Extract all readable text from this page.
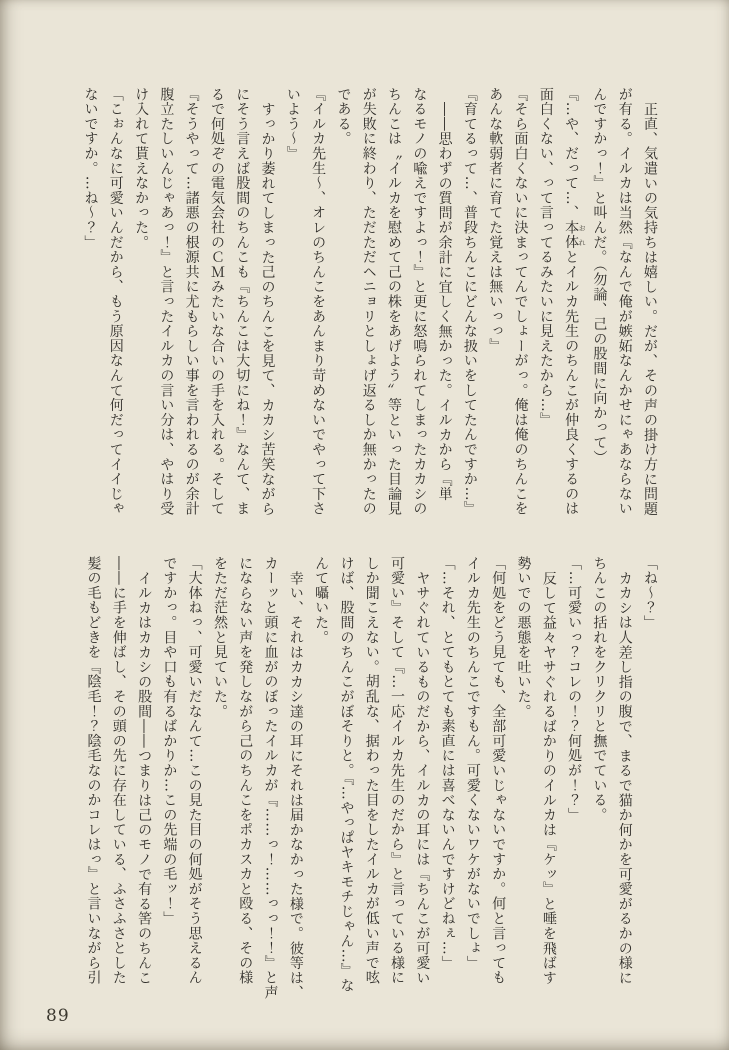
正直、気遣いの気持ちは嬉しい。だが、その声の掛け方に問題
が有る。イルカは当然『なんで俺が嫉妬なんかせにゃあならない
んですかっ！』と叫んだ。（勿論、己の股間に向かって）
『…や、だって…、本体 おれとイルカ先生のちんこが仲良くするのは
面白くない、って言ってるみたいに見えたから…』
『そら面白くないに決まってんでしょーがっ。俺は俺のちんこを
あんな軟弱者に育てた覚えは無いっっ』
『育てるって…、普段ちんこにどんな扱いをしてたんですか…』
――思わずの質問が余計に宜しく無かった。イルカから『単
なるモノの喩えですよっ！』と更に怒鳴られてしまったカカシの
ちんこは〝イルカを慰めて己の株をあげよう〟等といった目論見
が失敗に終わり、ただただヘニョリとしょげ返るしか無かったの
である。
『イルカ先生〜、オレのちんこをあんまり苛めないでやって下さ
いよう〜』
すっかり萎れてしまった己のちんこを見て、カカシ苦笑ながら
にそう言えば股間のちんこも『ちんこは大切にね！』なんて、ま
るで何処ぞの電気会社のＣＭみたいな合いの手を入れる。そして
『そうやって…諸悪の根源共に尤もらしい事を言われるのが余計
腹立たしいんじゃあっ！』と言ったイルカの言い分は、やはり受
け入れて貰えなかった。
「こぉんなに可愛いんだから、もう原因なんて何だってイイじゃ
ないですか。…ね〜？」
「ね〜？」
カカシは人差し指の腹で、まるで猫か何かを可愛がるかの様に
ちんこの括れをクリクリと撫でている。
「…可愛いっ？コレの！？何処が！？」
反して益々ヤサぐれるばかりのイルカは『ケッ』と唾を飛ばす
勢いでの悪態を吐いた。
「何処をどう見ても、全部可愛いじゃないですか。何と言っても
イルカ先生のちんこですもん。可愛くないワケがないでしょ」
「…それ、とてもとても素直には喜べないんですけどねぇ…」
ヤサぐれているものだから、イルカの耳には『ちんこが可愛い
可愛い』そして『…一応イルカ先生のだから』と言っている様に
しか聞こえない。胡乱な、据わった目をしたイルカが低い声で呟
けば、股間のちんこがぼそりと。『…やっぱヤキモチじゃん…』な
んて囁いた。
幸い、それはカカシ達の耳にそれは届かなかった様で。彼等は、
カーッと頭に血がのぼったイルカが『……っ！……っっ！！』と声
にならない声を発しながら己のちんこをポカスカと殴る、その様
をただ茫然と見ていた。
「大体ねっ、可愛いだなんて…この見た目の何処がそう思えるん
ですかっ。目や口も有るばかりか…この先端の毛ッ！」
イルカはカカシの股間――つまりは己のモノで有る筈のちんこ
――に手を伸ばし、その頭の先に存在している、ふさふさとした
髪の毛もどきを『陰毛！？陰毛なのかコレはっ』と言いながら引
89
